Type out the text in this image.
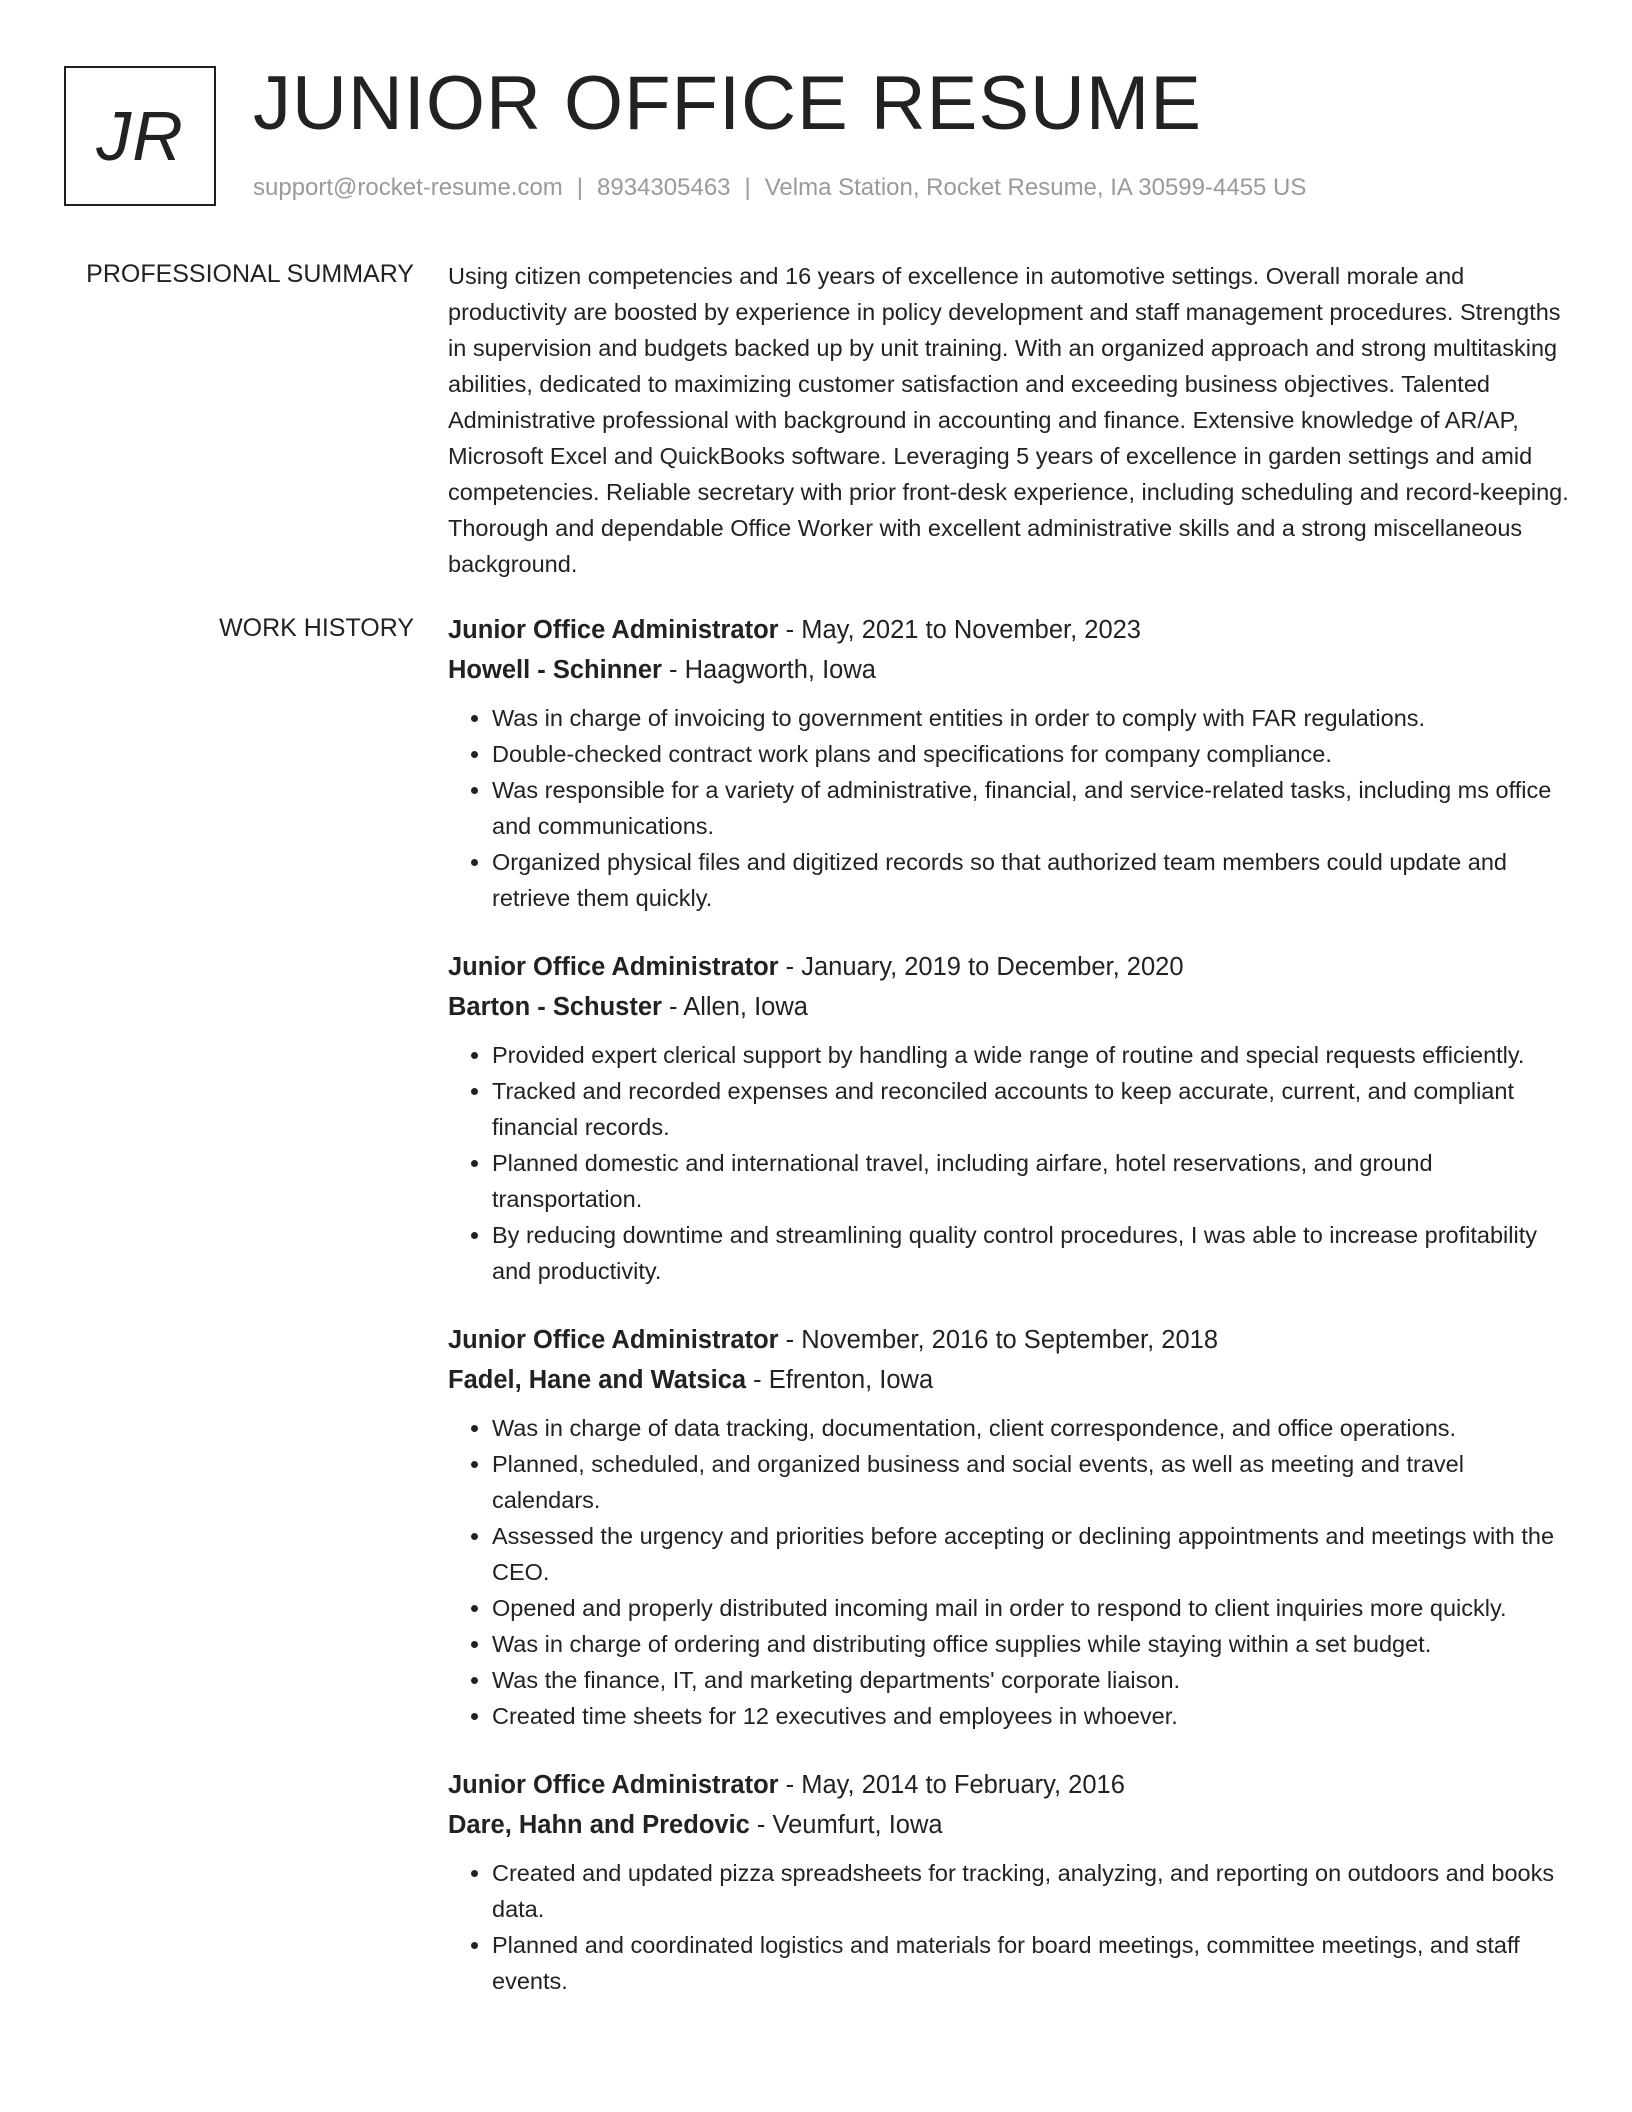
JR JUNIOR OFFICE RESUME
support@rocket-resume.com | 8934305463 | Velma Station, Rocket Resume, IA 30599-4455 US
PROFESSIONAL SUMMARY Using citizen competencies and 16 years of excellence in automotive settings. Overall morale and productivity are boosted by experience in policy development and staff management procedures. Strengths in supervision and budgets backed up by unit training. With an organized approach and strong multitasking abilities, dedicated to maximizing customer satisfaction and exceeding business objectives. Talented Administrative professional with background in accounting and finance. Extensive knowledge of AR/AP, Microsoft Excel and QuickBooks software. Leveraging 5 years of excellence in garden settings and amid competencies. Reliable secretary with prior front-desk experience, including scheduling and record-keeping. Thorough and dependable Office Worker with excellent administrative skills and a strong miscellaneous background.

WORK HISTORY Junior Office Administrator - May, 2021 to November, 2023
Howell - Schinner - Haagworth, Iowa
• Was in charge of invoicing to government entities in order to comply with FAR regulations.
• Double-checked contract work plans and specifications for company compliance.
• Was responsible for a variety of administrative, financial, and service-related tasks, including ms office and communications.
• Organized physical files and digitized records so that authorized team members could update and retrieve them quickly.
Junior Office Administrator - January, 2019 to December, 2020
Barton - Schuster - Allen, Iowa
• Provided expert clerical support by handling a wide range of routine and special requests efficiently.
• Tracked and recorded expenses and reconciled accounts to keep accurate, current, and compliant financial records.
• Planned domestic and international travel, including airfare, hotel reservations, and ground transportation.
• By reducing downtime and streamlining quality control procedures, I was able to increase profitability and productivity.
Junior Office Administrator - November, 2016 to September, 2018
Fadel, Hane and Watsica - Efrenton, Iowa
• Was in charge of data tracking, documentation, client correspondence, and office operations.
• Planned, scheduled, and organized business and social events, as well as meeting and travel calendars.
• Assessed the urgency and priorities before accepting or declining appointments and meetings with the CEO.
• Opened and properly distributed incoming mail in order to respond to client inquiries more quickly.
• Was in charge of ordering and distributing office supplies while staying within a set budget.
• Was the finance, IT, and marketing departments' corporate liaison.
• Created time sheets for 12 executives and employees in whoever.
Junior Office Administrator - May, 2014 to February, 2016
Dare, Hahn and Predovic - Veumfurt, Iowa
• Created and updated pizza spreadsheets for tracking, analyzing, and reporting on outdoors and books data.
• Planned and coordinated logistics and materials for board meetings, committee meetings, and staff events.
